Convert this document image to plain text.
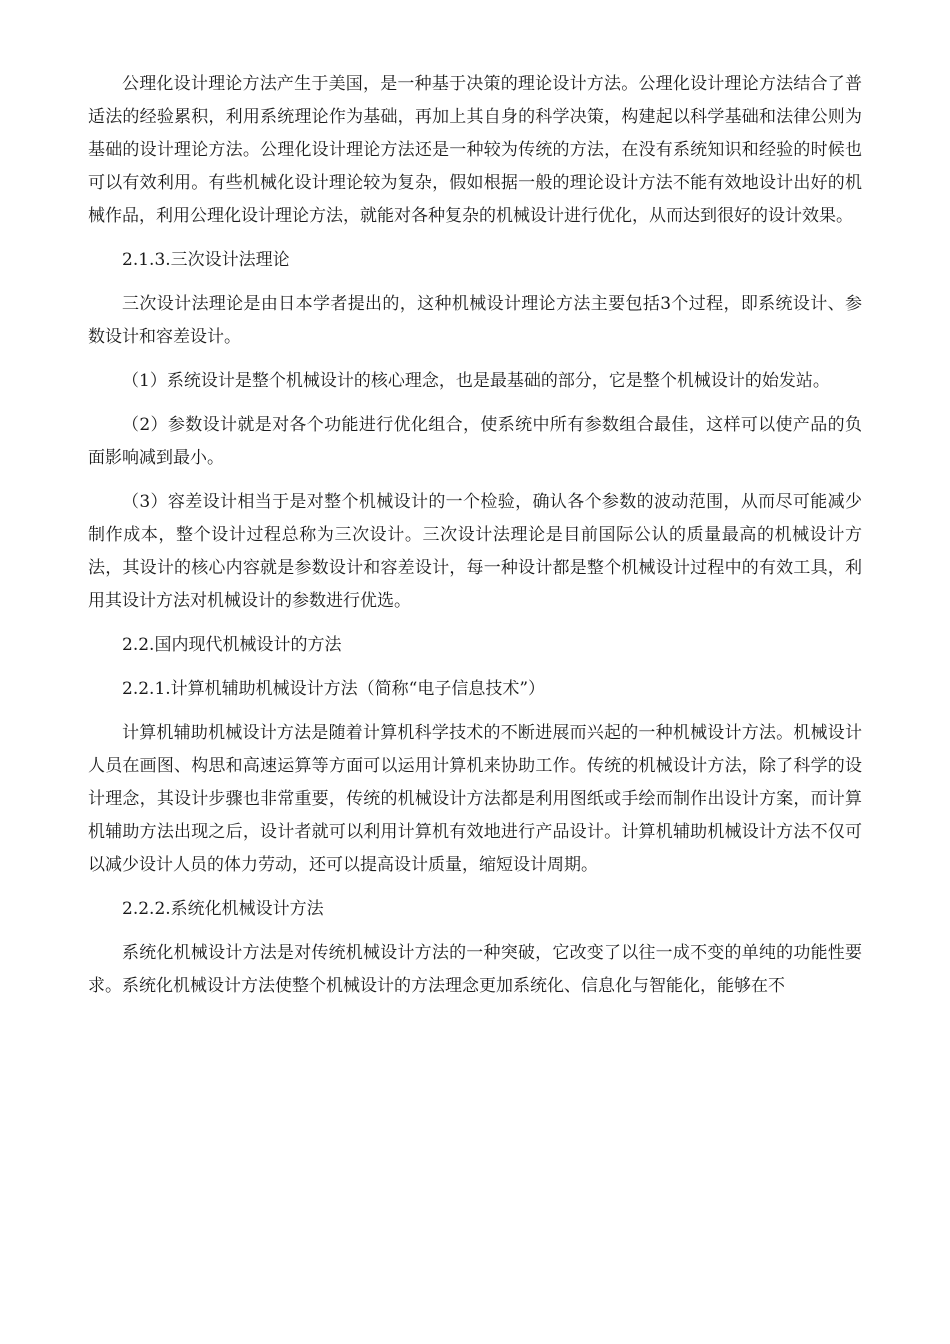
公理化设计理论方法产生于美国，是一种基于决策的理论设计方法。公理化设计理论方法结合了普适法的经验累积，利用系统理论作为基础，再加上其自身的科学决策，构建起以科学基础和法律公则为基础的设计理论方法。公理化设计理论方法还是一种较为传统的方法，在没有系统知识和经验的时候也可以有效利用。有些机械化设计理论较为复杂，假如根据一般的理论设计方法不能有效地设计出好的机械作品，利用公理化设计理论方法，就能对各种复杂的机械设计进行优化，从而达到很好的设计效果。

2.1.3.三次设计法理论

三次设计法理论是由日本学者提出的，这种机械设计理论方法主要包括3个过程，即系统设计、参数设计和容差设计。

（1）系统设计是整个机械设计的核心理念，也是最基础的部分，它是整个机械设计的始发站。

（2）参数设计就是对各个功能进行优化组合，使系统中所有参数组合最佳，这样可以使产品的负面影响减到最小。

（3）容差设计相当于是对整个机械设计的一个检验，确认各个参数的波动范围，从而尽可能减少制作成本，整个设计过程总称为三次设计。三次设计法理论是目前国际公认的质量最高的机械设计方法，其设计的核心内容就是参数设计和容差设计，每一种设计都是整个机械设计过程中的有效工具，利用其设计方法对机械设计的参数进行优选。

2.2.国内现代机械设计的方法

2.2.1.计算机辅助机械设计方法（简称“电子信息技术”）

计算机辅助机械设计方法是随着计算机科学技术的不断进展而兴起的一种机械设计方法。机械设计人员在画图、构思和高速运算等方面可以运用计算机来协助工作。传统的机械设计方法，除了科学的设计理念，其设计步骤也非常重要，传统的机械设计方法都是利用图纸或手绘而制作出设计方案，而计算机辅助方法出现之后，设计者就可以利用计算机有效地进行产品设计。计算机辅助机械设计方法不仅可以减少设计人员的体力劳动，还可以提高设计质量，缩短设计周期。

2.2.2.系统化机械设计方法

系统化机械设计方法是对传统机械设计方法的一种突破，它改变了以往一成不变的单纯的功能性要求。系统化机械设计方法使整个机械设计的方法理念更加系统化、信息化与智能化，能够在不
